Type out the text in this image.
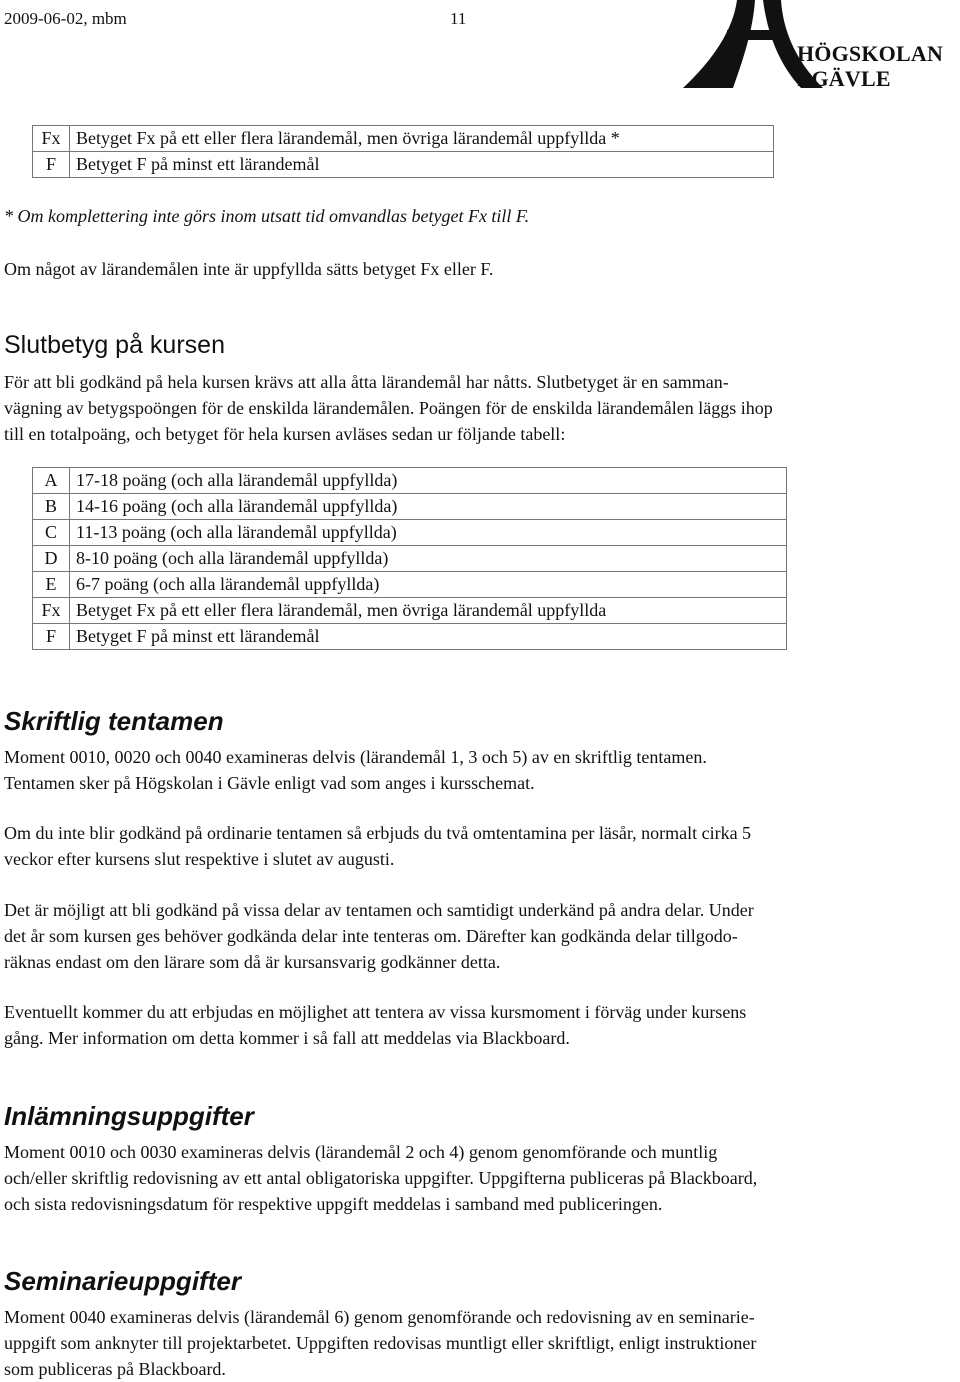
2009-06-02, mbm	11
HÖGSKOLAN
I GÄVLE
Fx	Betyget Fx på ett eller flera lärandemål, men övriga lärandemål uppfyllda *
F	Betyget F på minst ett lärandemål
* Om komplettering inte görs inom utsatt tid omvandlas betyget Fx till F.
Om något av lärandemålen inte är uppfyllda sätts betyget Fx eller F.
Slutbetyg på kursen
För att bli godkänd på hela kursen krävs att alla åtta lärandemål har nåtts. Slutbetyget är en samman-
vägning av betygspoöngen för de enskilda lärandemålen. Poängen för de enskilda lärandemålen läggs ihop
till en totalpoäng, och betyget för hela kursen avläses sedan ur följande tabell:
A	17-18 poäng (och alla lärandemål uppfyllda)
B	14-16 poäng (och alla lärandemål uppfyllda)
C	11-13 poäng (och alla lärandemål uppfyllda)
D	8-10 poäng (och alla lärandemål uppfyllda)
E	6-7 poäng (och alla lärandemål uppfyllda)
Fx	Betyget Fx på ett eller flera lärandemål, men övriga lärandemål uppfyllda
F	Betyget F på minst ett lärandemål
Skriftlig tentamen
Moment 0010, 0020 och 0040 examineras delvis (lärandemål 1, 3 och 5) av en skriftlig tentamen.
Tentamen sker på Högskolan i Gävle enligt vad som anges i kursschemat.
Om du inte blir godkänd på ordinarie tentamen så erbjuds du två omtentamina per läsår, normalt cirka 5
veckor efter kursens slut respektive i slutet av augusti.
Det är möjligt att bli godkänd på vissa delar av tentamen och samtidigt underkänd på andra delar. Under
det år som kursen ges behöver godkända delar inte tenteras om. Därefter kan godkända delar tillgodo-
räknas endast om den lärare som då är kursansvarig godkänner detta.
Eventuellt kommer du att erbjudas en möjlighet att tentera av vissa kursmoment i förväg under kursens
gång. Mer information om detta kommer i så fall att meddelas via Blackboard.
Inlämningsuppgifter
Moment 0010 och 0030 examineras delvis (lärandemål 2 och 4) genom genomförande och muntlig
och/eller skriftlig redovisning av ett antal obligatoriska uppgifter. Uppgifterna publiceras på Blackboard,
och sista redovisningsdatum för respektive uppgift meddelas i samband med publiceringen.
Seminarieuppgifter
Moment 0040 examineras delvis (lärandemål 6) genom genomförande och redovisning av en seminarie-
uppgift som anknyter till projektarbetet. Uppgiften redovisas muntligt eller skriftligt, enligt instruktioner
som publiceras på Blackboard.
